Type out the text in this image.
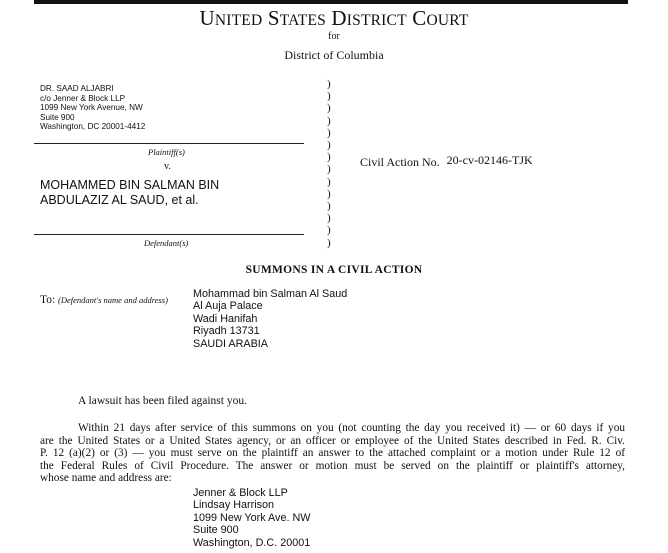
UNITED STATES DISTRICT COURT
for
District of Columbia
DR. SAAD ALJABRI
c/o Jenner & Block LLP
1099 New York Avenue, NW
Suite 900
Washington, DC 20001-4412
Plaintiff(s)
v.
MOHAMMED BIN SALMAN BIN
ABDULAZIZ AL SAUD, et al.
Defendant(s)
)
)
)
)
)
)
)
)
)
)
)
)
)
)
Civil Action No. 20-cv-02146-TJK
SUMMONS IN A CIVIL ACTION
To: (Defendant's name and address) Mohammad bin Salman Al Saud
Al Auja Palace
Wadi Hanifah
Riyadh 13731
SAUDI ARABIA
A lawsuit has been filed against you.
Within 21 days after service of this summons on you (not counting the day you received it) — or 60 days if you
are the United States or a United States agency, or an officer or employee of the United States described in Fed. R. Civ.
P. 12 (a)(2) or (3) — you must serve on the plaintiff an answer to the attached complaint or a motion under Rule 12 of
the Federal Rules of Civil Procedure. The answer or motion must be served on the plaintiff or plaintiff's attorney,
whose name and address are:
Jenner & Block LLP
Lindsay Harrison
1099 New York Ave. NW
Suite 900
Washington, D.C. 20001
